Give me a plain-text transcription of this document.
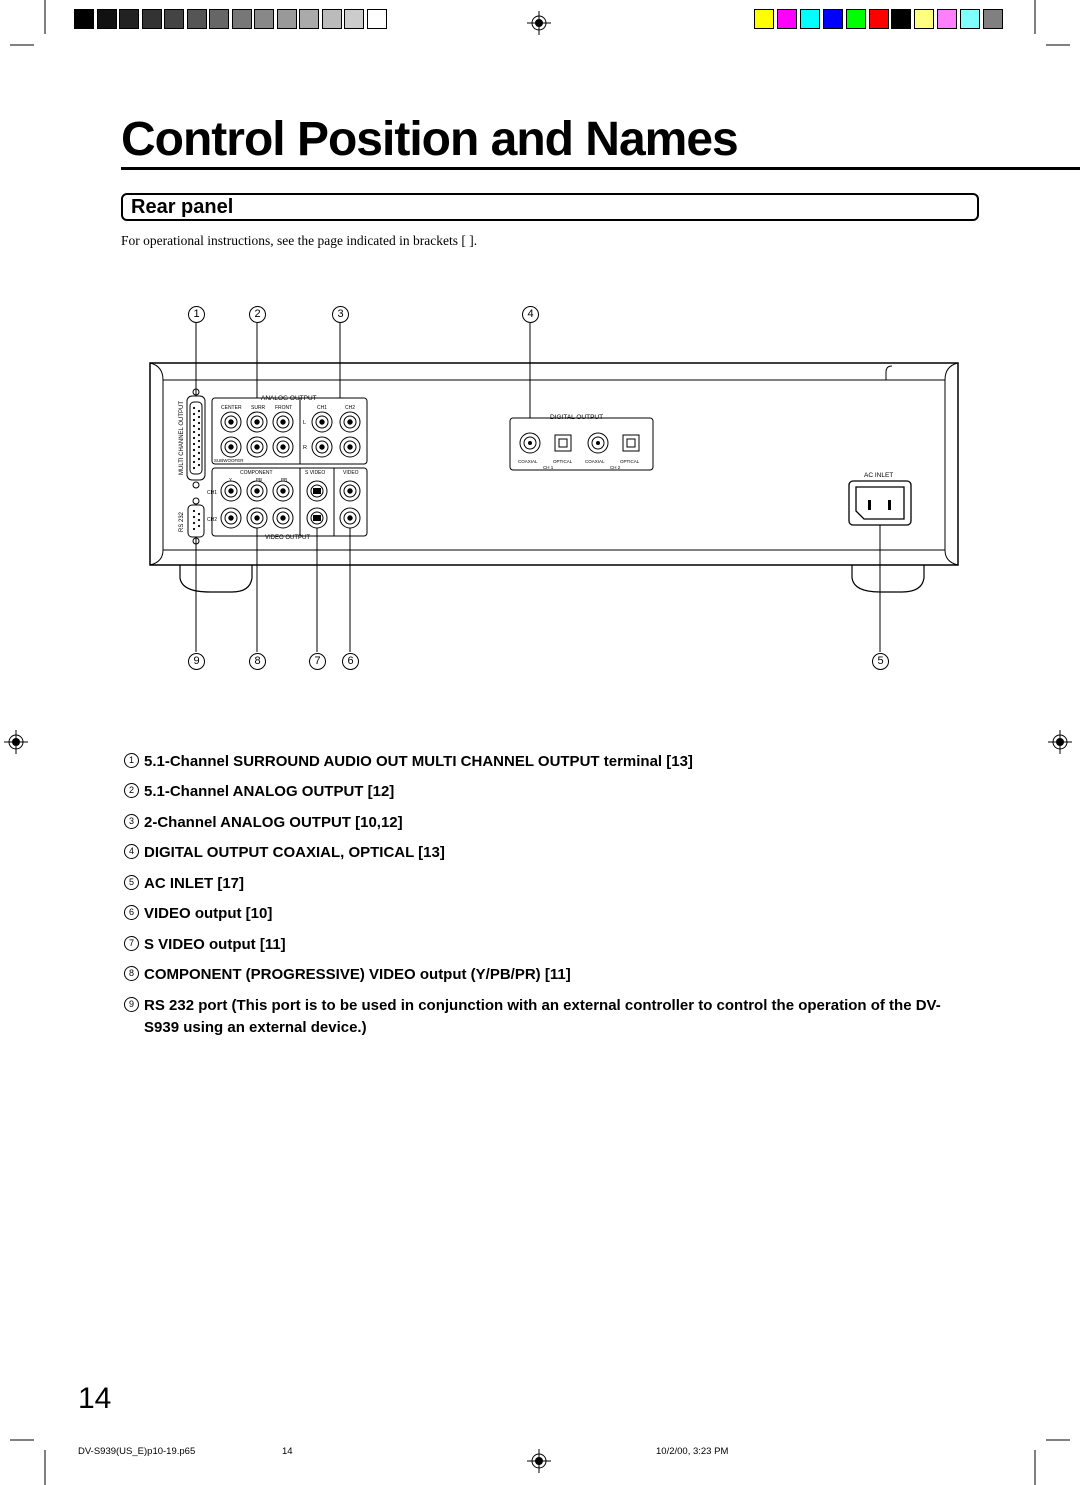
Control Position and Names
Rear panel
For operational instructions, see the page indicated in brackets [ ].
MULTI CHANNEL OUTPUT
RS 232
ANALOG OUTPUT
CENTER SURR FRONT	CH1	CH2
L
R
SUBWOOFER
COMPONENT
Y	PB	PR
S VIDEO	VIDEO
CH1
CH2
VIDEO OUTPUT
DIGITAL OUTPUT
COAXIAL	OPTICAL	COAXIAL	OPTICAL
CH 1	CH 2
AC INLET
1	2	3	4
9	8	7	6	5
1 5.1-Channel SURROUND AUDIO OUT MULTI CHANNEL OUTPUT terminal [13]
2 5.1-Channel ANALOG OUTPUT [12]
3 2-Channel ANALOG OUTPUT [10,12]
4 DIGITAL OUTPUT COAXIAL, OPTICAL [13]
5 AC INLET [17]
6 VIDEO output [10]
7 S VIDEO output [11]
8 COMPONENT (PROGRESSIVE) VIDEO output (Y/PB/PR) [11]
9 RS 232 port (This port is to be used in conjunction with an external controller to control the operation of the DV-S939 using an external device.)
14
DV-S939(US_E)p10-19.p65	14	10/2/00, 3:23 PM
